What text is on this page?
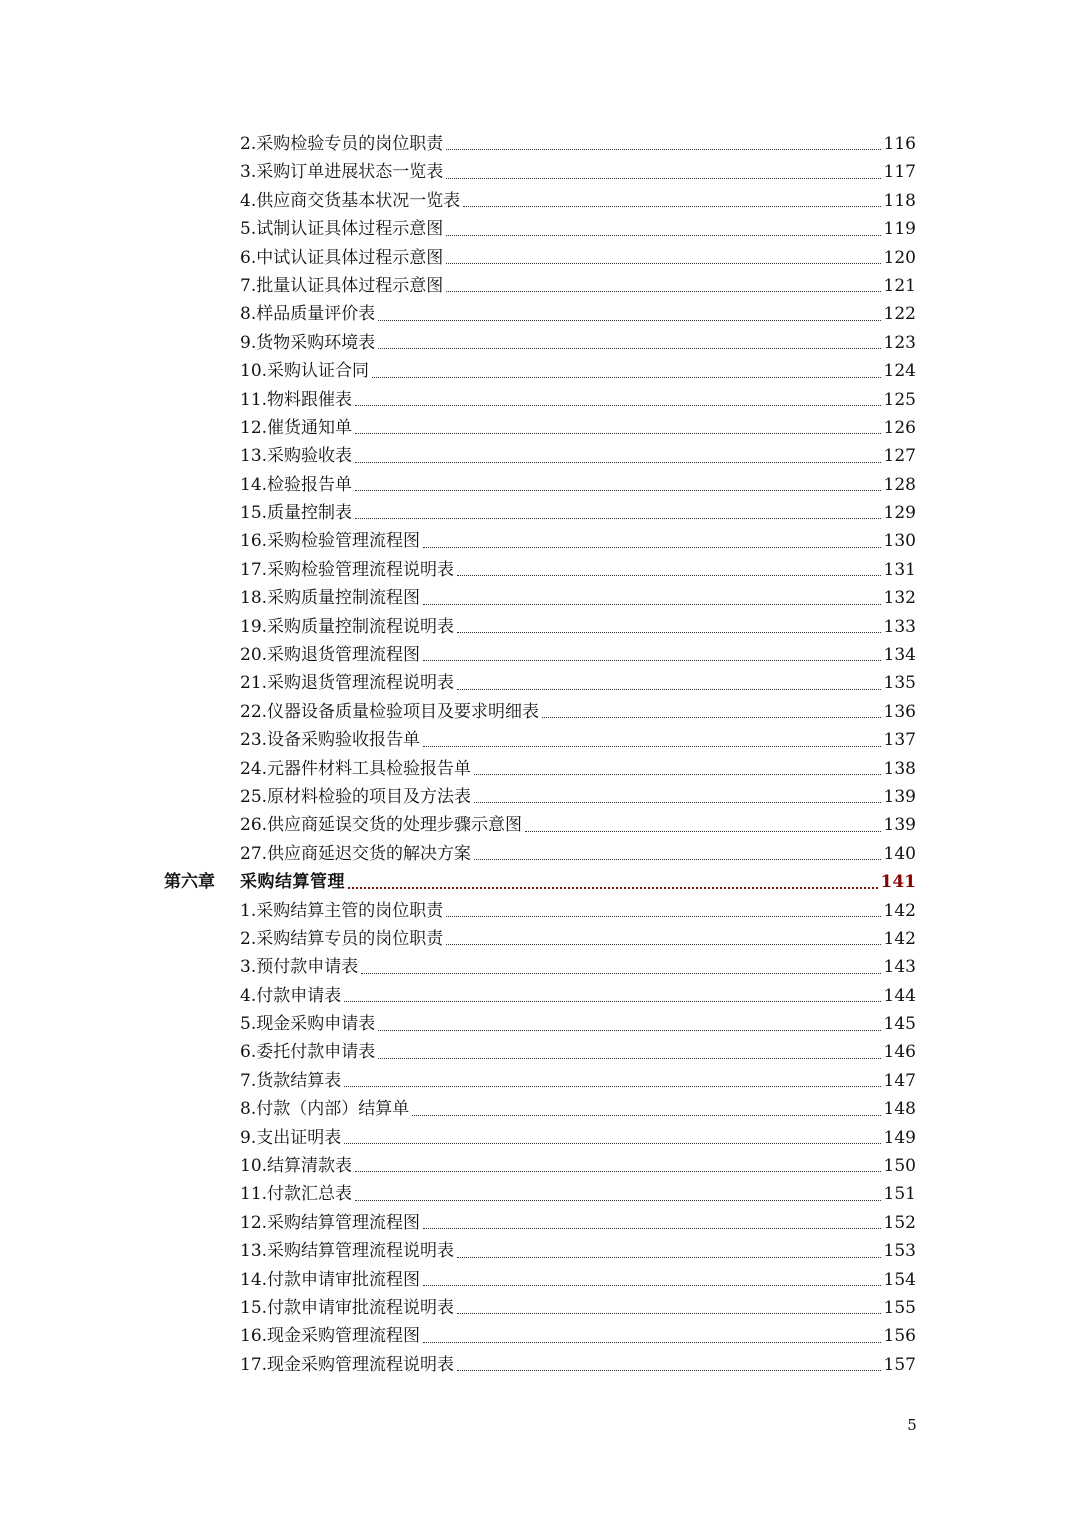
2.采购检验专员的岗位职责	116
3.采购订单进展状态一览表	117
4.供应商交货基本状况一览表	118
5.试制认证具体过程示意图	119
6.中试认证具体过程示意图	120
7.批量认证具体过程示意图	121
8.样品质量评价表	122
9.货物采购环境表	123
10.采购认证合同	124
11.物料跟催表	125
12.催货通知单	126
13.采购验收表	127
14.检验报告单	128
15.质量控制表	129
16.采购检验管理流程图	130
17.采购检验管理流程说明表	131
18.采购质量控制流程图	132
19.采购质量控制流程说明表	133
20.采购退货管理流程图	134
21.采购退货管理流程说明表	135
22.仪器设备质量检验项目及要求明细表	136
23.设备采购验收报告单	137
24.元器件材料工具检验报告单	138
25.原材料检验的项目及方法表	139
26.供应商延误交货的处理步骤示意图	139
27.供应商延迟交货的解决方案	140
第六章	采购结算管理	141
1.采购结算主管的岗位职责	142
2.采购结算专员的岗位职责	142
3.预付款申请表	143
4.付款申请表	144
5.现金采购申请表	145
6.委托付款申请表	146
7.货款结算表	147
8.付款（内部）结算单	148
9.支出证明表	149
10.结算清款表	150
11.付款汇总表	151
12.采购结算管理流程图	152
13.采购结算管理流程说明表	153
14.付款申请审批流程图	154
15.付款申请审批流程说明表	155
16.现金采购管理流程图	156
17.现金采购管理流程说明表	157
5
